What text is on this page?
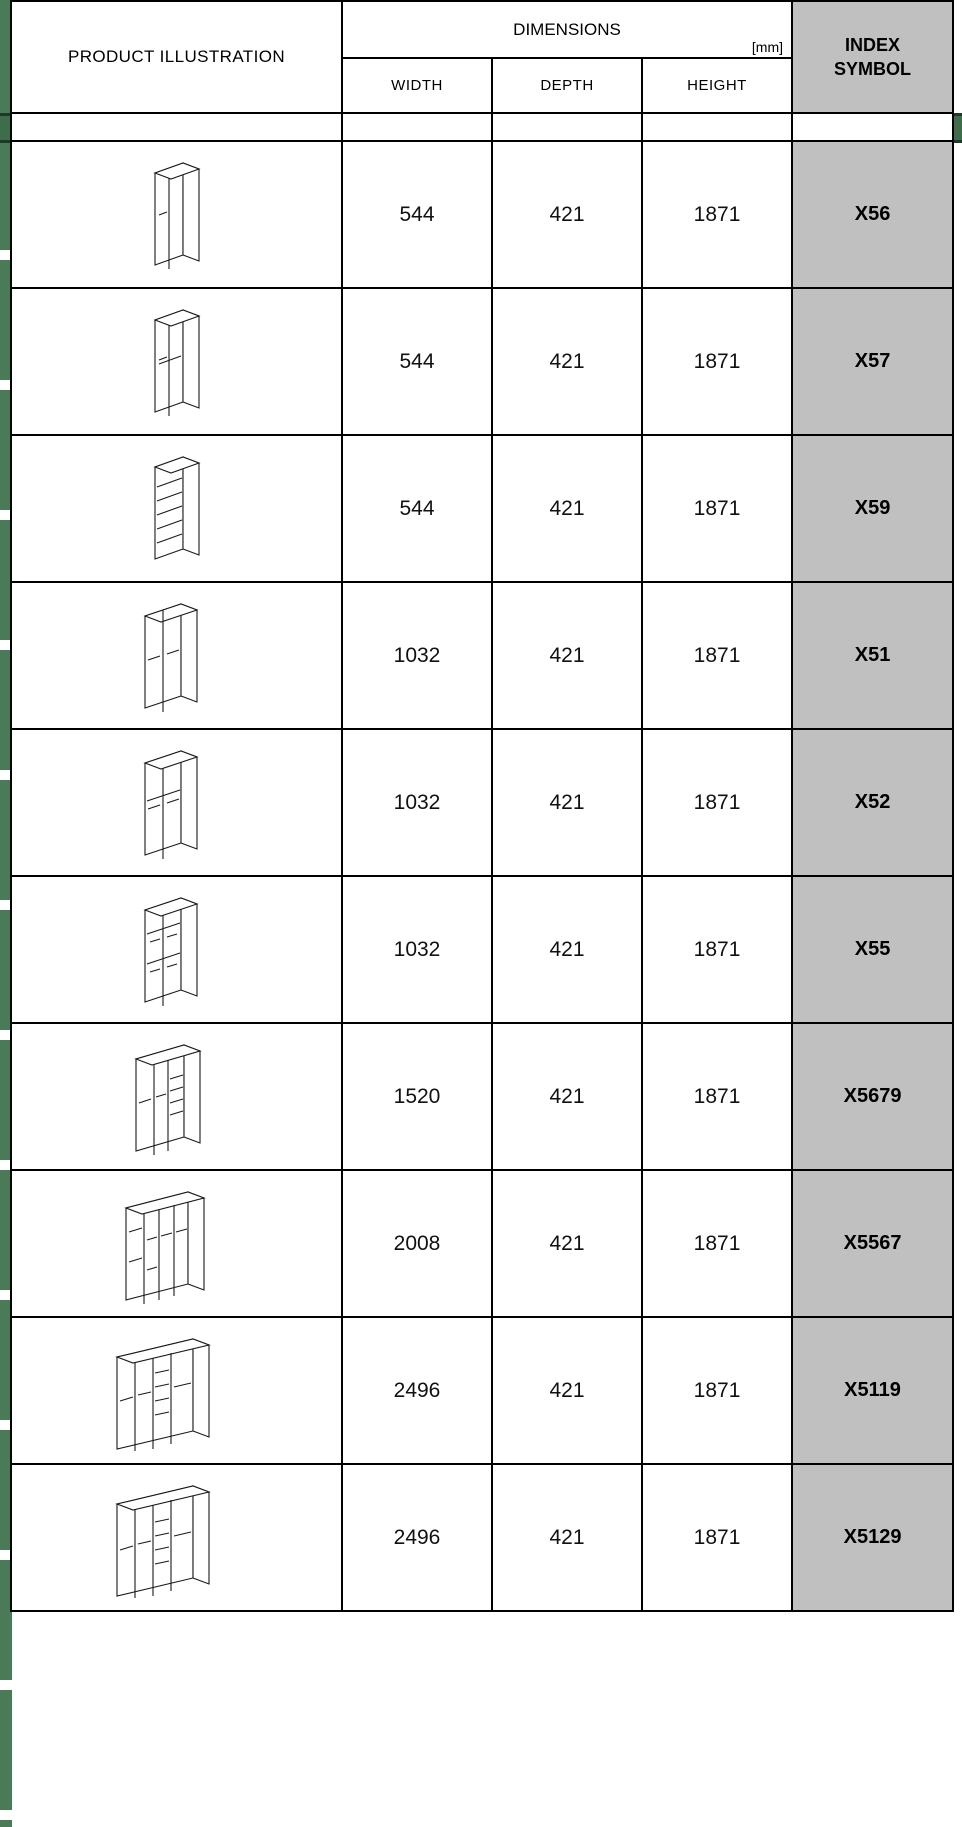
PRODUCT ILLUSTRATION	DIMENSIONS
[mm]	INDEX
SYMBOL

	WIDTH	DEPTH	HEIGHT	

	544	421	1871	X56

	544	421	1871	X57

	544	421	1871	X59

	1032	421	1871	X51

	1032	421	1871	X52

	1032	421	1871	X55

	1520	421	1871	X5679

	2008	421	1871	X5567

	2496	421	1871	X5119

	2496	421	1871	X5129
